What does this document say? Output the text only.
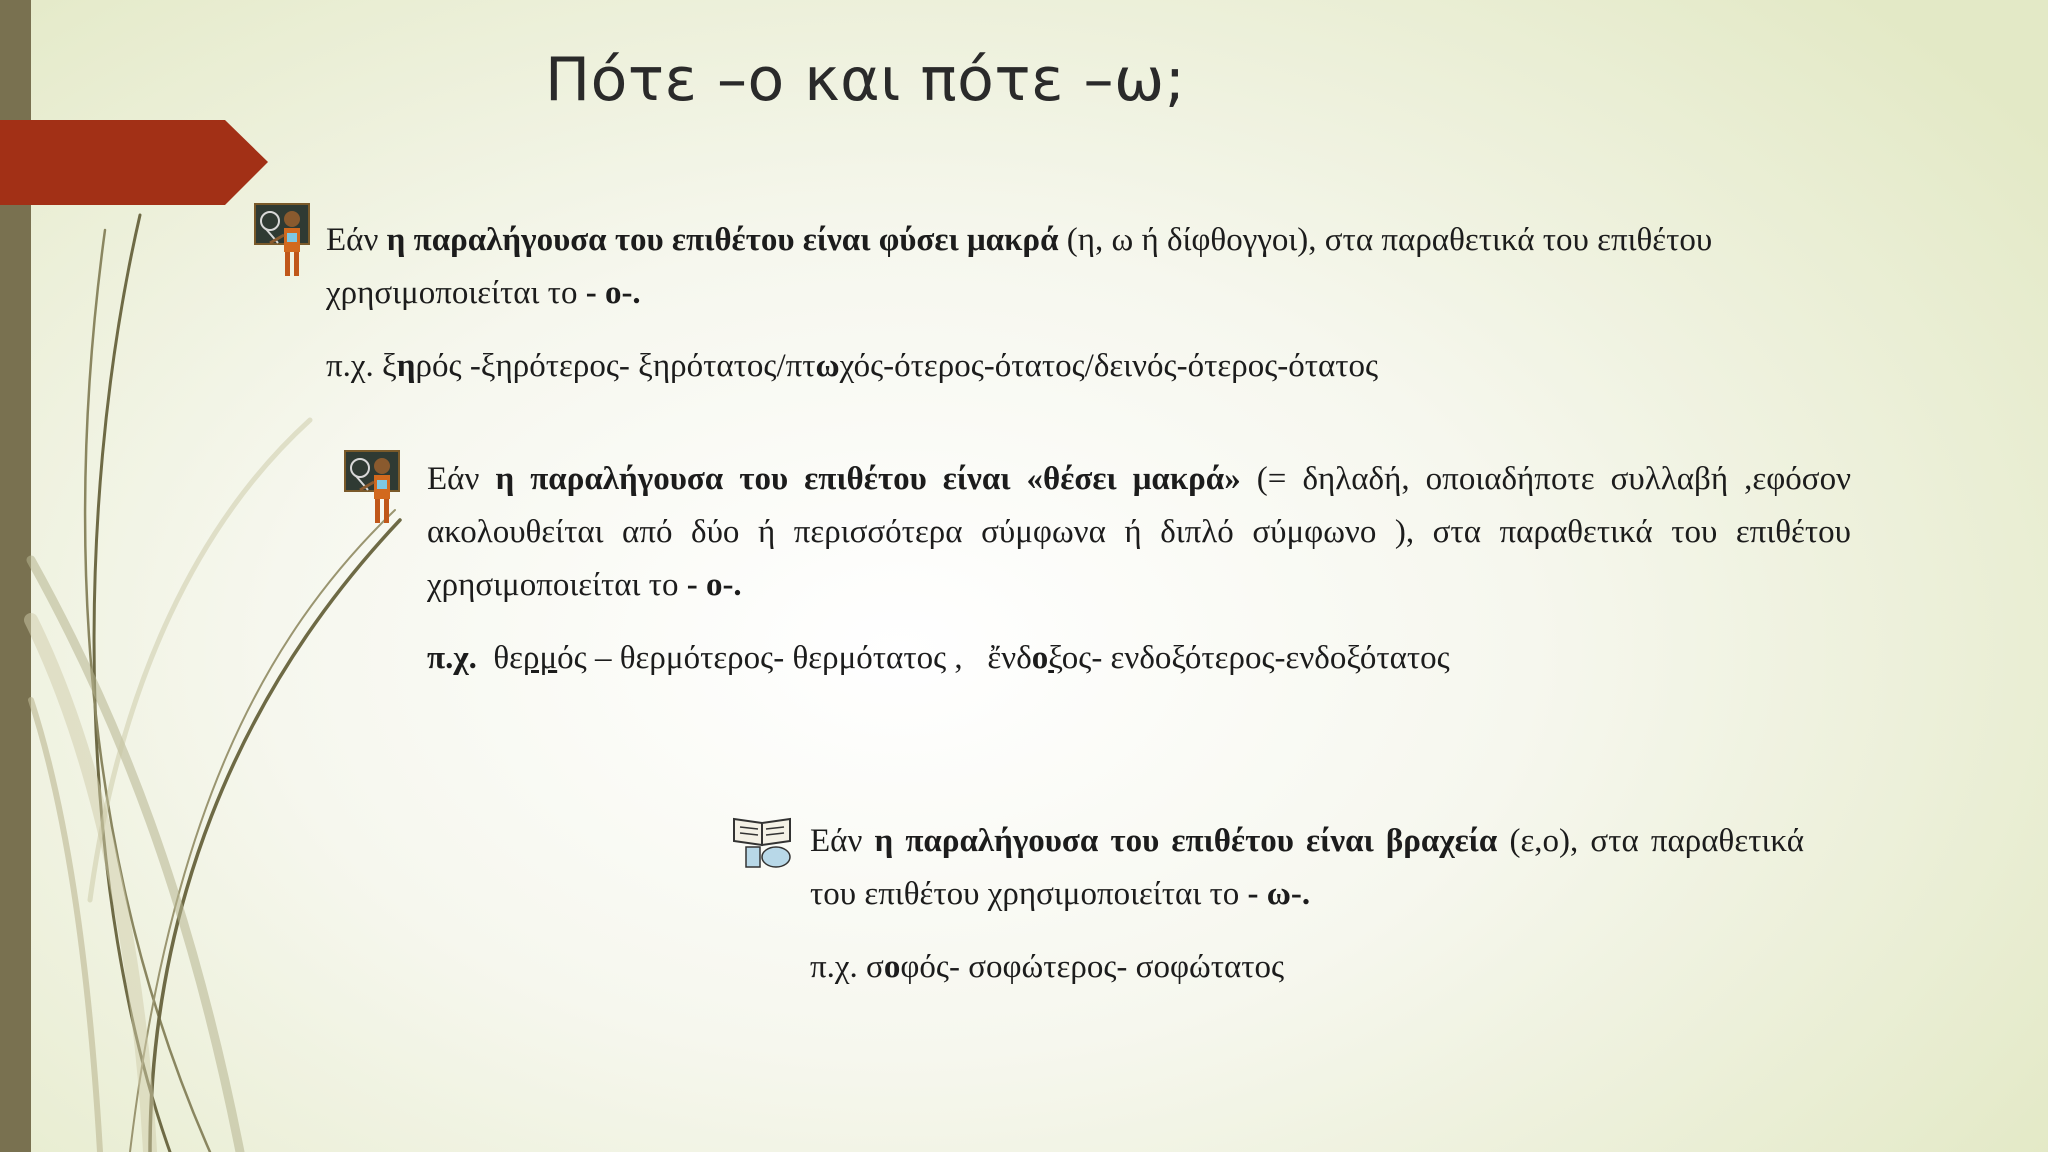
Πότε –ο και πότε –ω;

Εάν η παραλήγουσα του επιθέτου είναι φύσει μακρά (η, ω ή δίφθογγοι), στα παραθετικά του επιθέτου χρησιμοποιείται το - ο-.

π.χ. ξηρός -ξηρότερος- ξηρότατος/πτωχός-ότερος-ότατος/δεινός-ότερος-ότατος

Εάν η παραλήγουσα του επιθέτου είναι «θέσει μακρά» (= δηλαδή, οποιαδήποτε συλλαβή ,εφόσον ακολουθείται από δύο ή περισσότερα σύμφωνα ή διπλό σύμφωνο ), στα παραθετικά του επιθέτου χρησιμοποιείται το - ο-.

π.χ.  θερμός – θερμότερος- θερμότατος ,   ἔνδοξος- ενδοξότερος-ενδοξότατος

Εάν η παραλήγουσα του επιθέτου είναι βραχεία (ε,ο), στα παραθετικά του επιθέτου χρησιμοποιείται το - ω-.

π.χ. σοφός- σοφώτερος- σοφώτατος
